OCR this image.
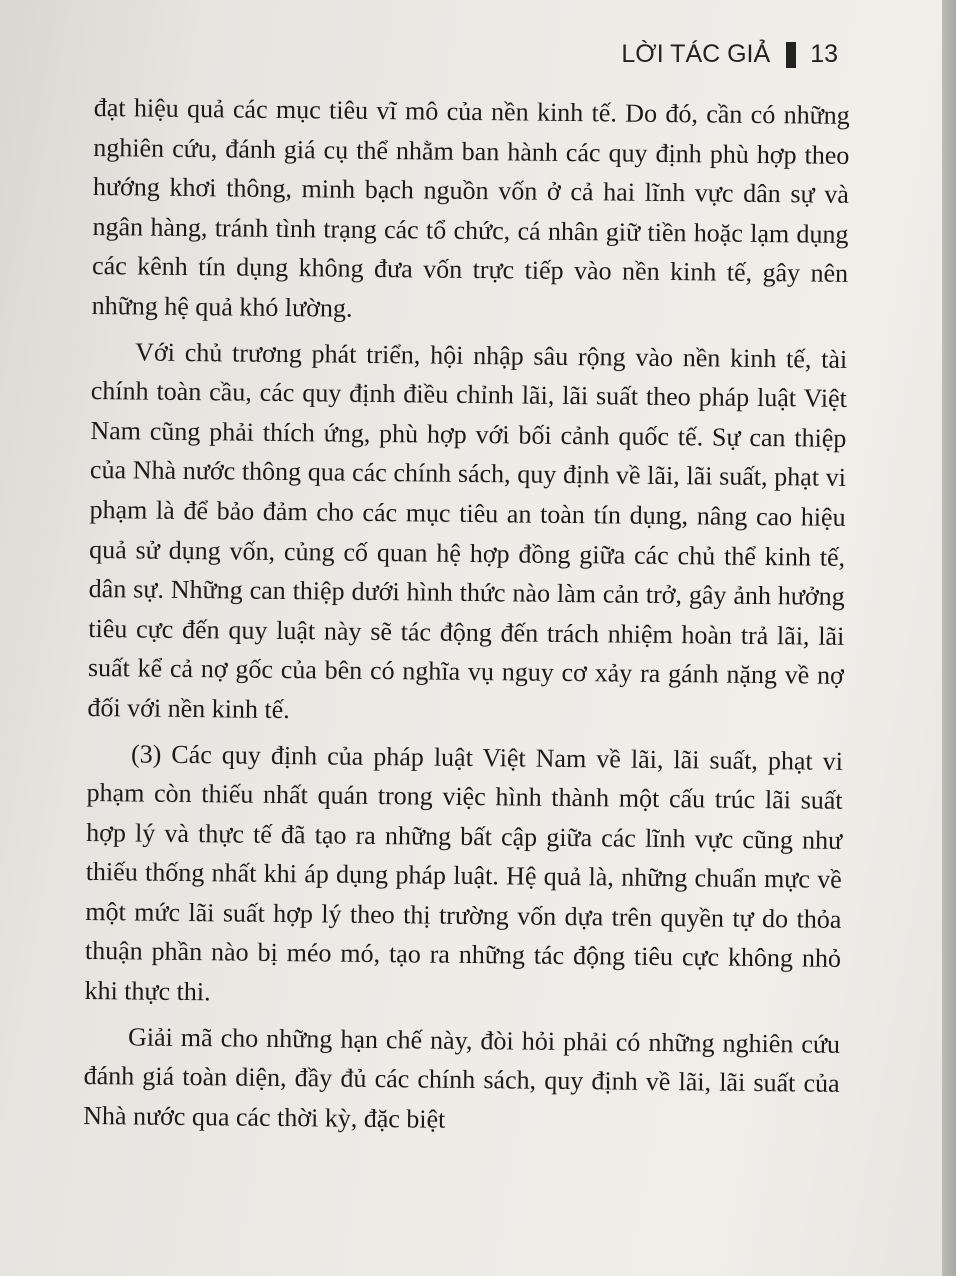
LỜI TÁC GIẢ 13

đạt hiệu quả các mục tiêu vĩ mô của nền kinh tế. Do đó, cần có những nghiên cứu, đánh giá cụ thể nhằm ban hành các quy định phù hợp theo hướng khơi thông, minh bạch nguồn vốn ở cả hai lĩnh vực dân sự và ngân hàng, tránh tình trạng các tổ chức, cá nhân giữ tiền hoặc lạm dụng các kênh tín dụng không đưa vốn trực tiếp vào nền kinh tế, gây nên những hệ quả khó lường.

Với chủ trương phát triển, hội nhập sâu rộng vào nền kinh tế, tài chính toàn cầu, các quy định điều chỉnh lãi, lãi suất theo pháp luật Việt Nam cũng phải thích ứng, phù hợp với bối cảnh quốc tế. Sự can thiệp của Nhà nước thông qua các chính sách, quy định về lãi, lãi suất, phạt vi phạm là để bảo đảm cho các mục tiêu an toàn tín dụng, nâng cao hiệu quả sử dụng vốn, củng cố quan hệ hợp đồng giữa các chủ thể kinh tế, dân sự. Những can thiệp dưới hình thức nào làm cản trở, gây ảnh hưởng tiêu cực đến quy luật này sẽ tác động đến trách nhiệm hoàn trả lãi, lãi suất kể cả nợ gốc của bên có nghĩa vụ nguy cơ xảy ra gánh nặng về nợ đối với nền kinh tế.

(3) Các quy định của pháp luật Việt Nam về lãi, lãi suất, phạt vi phạm còn thiếu nhất quán trong việc hình thành một cấu trúc lãi suất hợp lý và thực tế đã tạo ra những bất cập giữa các lĩnh vực cũng như thiếu thống nhất khi áp dụng pháp luật. Hệ quả là, những chuẩn mực về một mức lãi suất hợp lý theo thị trường vốn dựa trên quyền tự do thỏa thuận phần nào bị méo mó, tạo ra những tác động tiêu cực không nhỏ khi thực thi.

Giải mã cho những hạn chế này, đòi hỏi phải có những nghiên cứu đánh giá toàn diện, đầy đủ các chính sách, quy định về lãi, lãi suất của Nhà nước qua các thời kỳ, đặc biệt
